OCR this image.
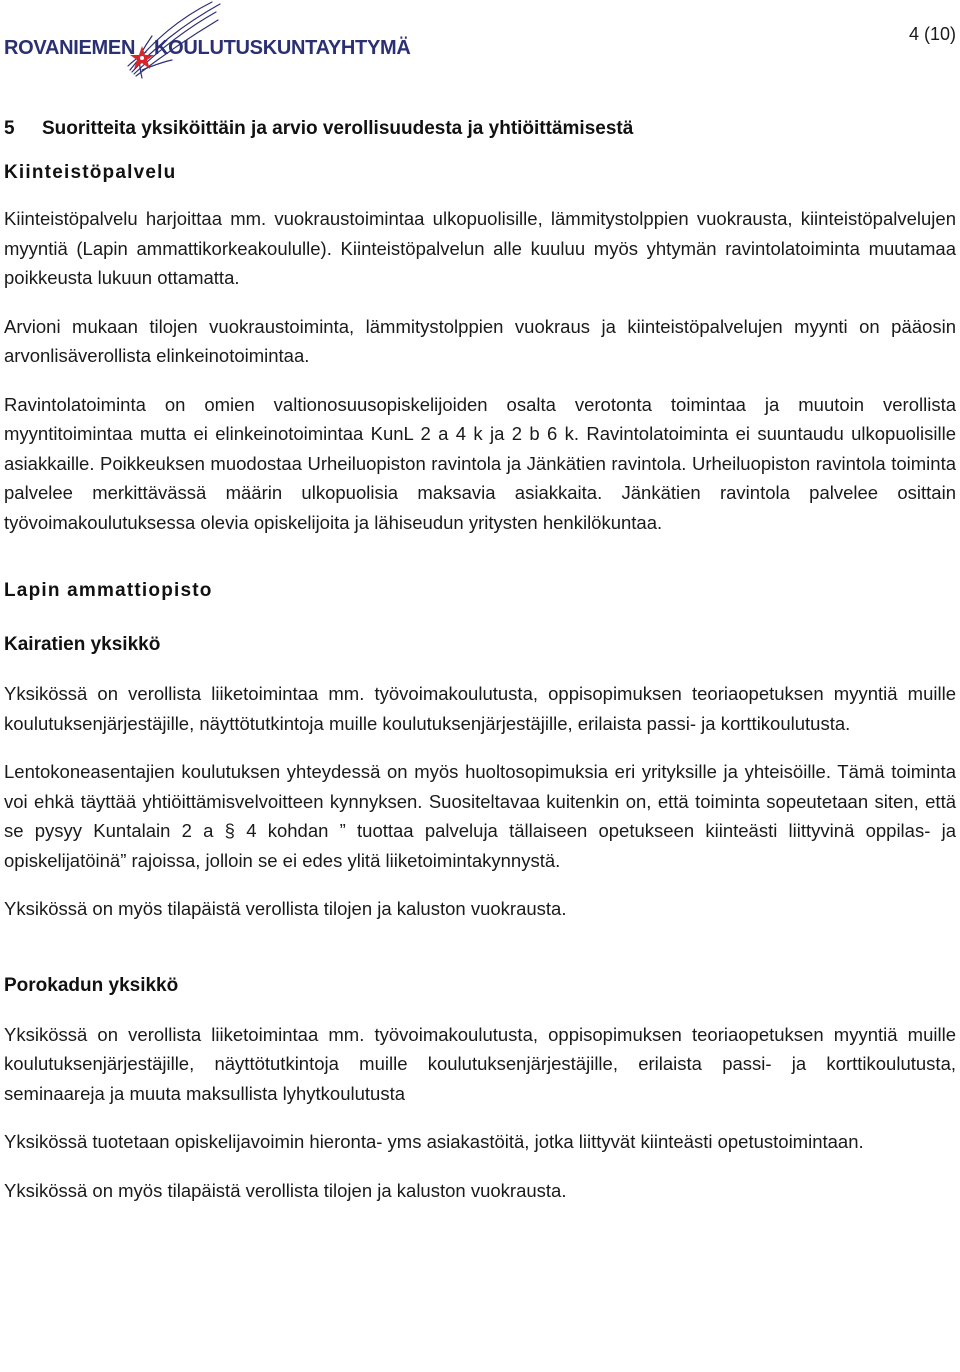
ROVANIEMEN KOULUTUSKUNTAYHTYMÄ
4 (10)
5	Suoritteita yksiköittäin ja arvio verollisuudesta ja yhtiöittämisestä
Kiinteistöpalvelu

Kiinteistöpalvelu harjoittaa mm. vuokraustoimintaa ulkopuolisille, lämmitystolppien vuokrausta, kiinteistöpalvelujen myyntiä (Lapin ammattikorkeakoululle). Kiinteistöpalvelun alle kuuluu myös yhtymän ravintolatoiminta muutamaa poikkeusta lukuun ottamatta.

Arvioni mukaan tilojen vuokraustoiminta, lämmitystolppien vuokraus ja kiinteistöpalvelujen myynti on pääosin arvonlisäverollista elinkeinotoimintaa.

Ravintolatoiminta on omien valtionosuusopiskelijoiden osalta verotonta toimintaa ja muutoin verollista myyntitoimintaa mutta ei elinkeinotoimintaa KunL 2 a 4 k ja 2 b 6 k. Ravintolatoiminta ei suuntaudu ulkopuolisille asiakkaille. Poikkeuksen muodostaa Urheiluopiston ravintola ja Jänkätien ravintola. Urheiluopiston ravintola toiminta palvelee merkittävässä määrin ulkopuolisia maksavia asiakkaita. Jänkätien ravintola palvelee osittain työvoimakoulutuksessa olevia opiskelijoita ja lähiseudun yritysten henkilökuntaa.

Lapin ammattiopisto
Kairatien yksikkö

Yksikössä on verollista liiketoimintaa mm. työvoimakoulutusta, oppisopimuksen teoriaopetuksen myyntiä muille koulutuksenjärjestäjille, näyttötutkintoja muille koulutuksenjärjestäjille, erilaista passi- ja korttikoulutusta.

Lentokoneasentajien koulutuksen yhteydessä on myös huoltosopimuksia eri yrityksille ja yhteisöille. Tämä toiminta voi ehkä täyttää yhtiöittämisvelvoitteen kynnyksen. Suositeltavaa kuitenkin on, että toiminta sopeutetaan siten, että se pysyy Kuntalain 2 a § 4 kohdan ” tuottaa palveluja tällaiseen opetukseen kiinteästi liittyvinä oppilas- ja opiskelijatöinä” rajoissa, jolloin se ei edes ylitä liiketoimintakynnystä.

Yksikössä on myös tilapäistä verollista tilojen ja kaluston vuokrausta.

Porokadun yksikkö

Yksikössä on verollista liiketoimintaa mm. työvoimakoulutusta, oppisopimuksen teoriaopetuksen myyntiä muille koulutuksenjärjestäjille, näyttötutkintoja muille koulutuksenjärjestäjille, erilaista passi- ja korttikoulutusta, seminaareja ja muuta maksullista lyhytkoulutusta

Yksikössä tuotetaan opiskelijavoimin hieronta- yms asiakastöitä, jotka liittyvät kiinteästi opetustoimintaan.

Yksikössä on myös tilapäistä verollista tilojen ja kaluston vuokrausta.
